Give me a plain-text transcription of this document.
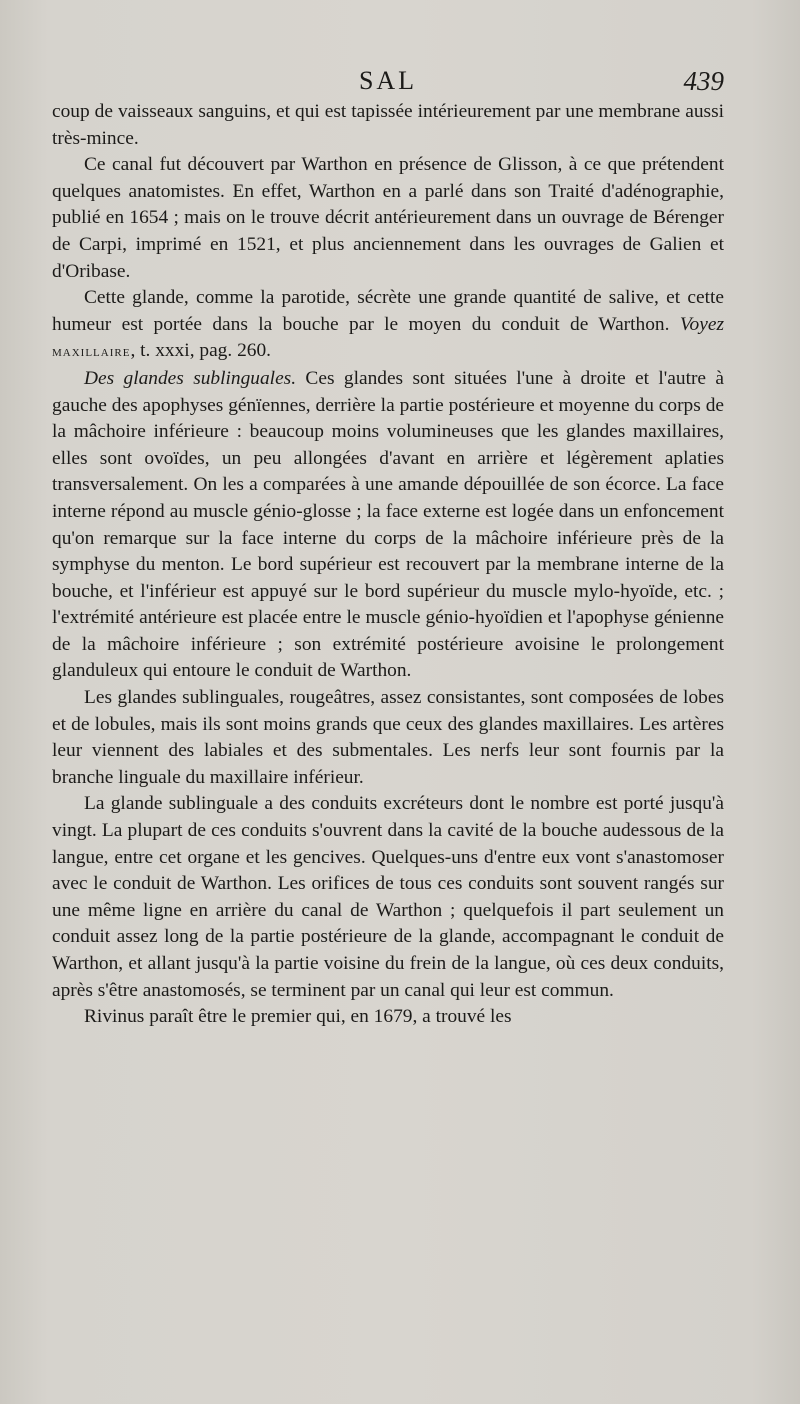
SAL	439

coup de vaisseaux sanguins, et qui est tapissée intérieurement par une membrane aussi très-mince.

Ce canal fut découvert par Warthon en présence de Glisson, à ce que prétendent quelques anatomistes. En effet, Warthon en a parlé dans son Traité d'adénographie, publié en 1654 ; mais on le trouve décrit antérieurement dans un ouvrage de Bérenger de Carpi, imprimé en 1521, et plus anciennement dans les ouvrages de Galien et d'Oribase.

Cette glande, comme la parotide, sécrète une grande quantité de salive, et cette humeur est portée dans la bouche par le moyen du conduit de Warthon. Voyez maxillaire, t. xxxi, pag. 260.

Des glandes sublinguales. Ces glandes sont situées l'une à droite et l'autre à gauche des apophyses génïennes, derrière la partie postérieure et moyenne du corps de la mâchoire inférieure : beaucoup moins volumineuses que les glandes maxillaires, elles sont ovoïdes, un peu allongées d'avant en arrière et légèrement aplaties transversalement. On les a comparées à une amande dépouillée de son écorce. La face interne répond au muscle génio-glosse ; la face externe est logée dans un enfoncement qu'on remarque sur la face interne du corps de la mâchoire inférieure près de la symphyse du menton. Le bord supérieur est recouvert par la membrane interne de la bouche, et l'inférieur est appuyé sur le bord supérieur du muscle mylo-hyoïde, etc. ; l'extrémité antérieure est placée entre le muscle génio-hyoïdien et l'apophyse génienne de la mâchoire inférieure ; son extrémité postérieure avoisine le prolongement glanduleux qui entoure le conduit de Warthon.

Les glandes sublinguales, rougeâtres, assez consistantes, sont composées de lobes et de lobules, mais ils sont moins grands que ceux des glandes maxillaires. Les artères leur viennent des labiales et des submentales. Les nerfs leur sont fournis par la branche linguale du maxillaire inférieur.

La glande sublinguale a des conduits excréteurs dont le nombre est porté jusqu'à vingt. La plupart de ces conduits s'ouvrent dans la cavité de la bouche audessous de la langue, entre cet organe et les gencives. Quelques-uns d'entre eux vont s'anastomoser avec le conduit de Warthon. Les orifices de tous ces conduits sont souvent rangés sur une même ligne en arrière du canal de Warthon ; quelquefois il part seulement un conduit assez long de la partie postérieure de la glande, accompagnant le conduit de Warthon, et allant jusqu'à la partie voisine du frein de la langue, où ces deux conduits, après s'être anastomosés, se terminent par un canal qui leur est commun.

Rivinus paraît être le premier qui, en 1679, a trouvé les
